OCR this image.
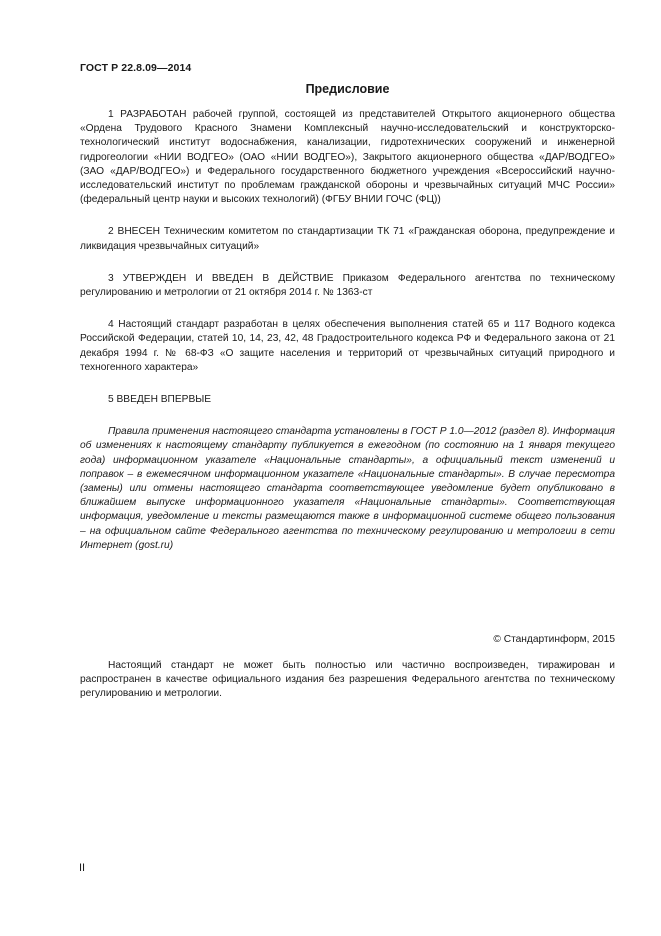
ГОСТ Р 22.8.09—2014
Предисловие

1 РАЗРАБОТАН рабочей группой, состоящей из представителей Открытого акционерного общества «Ордена Трудового Красного Знамени Комплексный научно-исследовательский и конструкторско-технологический институт водоснабжения, канализации, гидротехнических сооружений и инженерной гидрогеологии «НИИ ВОДГЕО» (ОАО «НИИ ВОДГЕО»), Закрытого акционерного общества «ДАР/ВОДГЕО» (ЗАО «ДАР/ВОДГЕО») и Федерального государственного бюджетного учреждения «Всероссийский научно-исследовательский институт по проблемам гражданской обороны и чрезвычайных ситуаций МЧС России» (федеральный центр науки и высоких технологий) (ФГБУ ВНИИ ГОЧС (ФЦ))

2 ВНЕСЕН Техническим комитетом по стандартизации ТК 71 «Гражданская оборона, предупреждение и ликвидация чрезвычайных ситуаций»

3 УТВЕРЖДЕН И ВВЕДЕН В ДЕЙСТВИЕ Приказом Федерального агентства по техническому регулированию и метрологии от 21 октября 2014 г. № 1363-ст

4 Настоящий стандарт разработан в целях обеспечения выполнения статей 65 и 117 Водного кодекса Российской Федерации, статей 10, 14, 23, 42, 48 Градостроительного кодекса РФ и Федерального закона от 21 декабря 1994 г. № 68-ФЗ «О защите населения и территорий от чрезвычайных ситуаций природного и техногенного характера»

5 ВВЕДЕН ВПЕРВЫЕ

Правила применения настоящего стандарта установлены в ГОСТ Р 1.0—2012 (раздел 8). Информация об изменениях к настоящему стандарту публикуется в ежегодном (по состоянию на 1 января текущего года) информационном указателе «Национальные стандарты», а официальный текст изменений и поправок – в ежемесячном информационном указателе «Национальные стандарты». В случае пересмотра (замены) или отмены настоящего стандарта соответствующее уведомление будет опубликовано в ближайшем выпуске информационного указателя «Национальные стандарты». Соответствующая информация, уведомление и тексты размещаются также в информационной системе общего пользования – на официальном сайте Федерального агентства по техническому регулированию и метрологии в сети Интернет (gost.ru)

© Стандартинформ, 2015

Настоящий стандарт не может быть полностью или частично воспроизведен, тиражирован и распространен в качестве официального издания без разрешения Федерального агентства по техническому регулированию и метрологии.

II
